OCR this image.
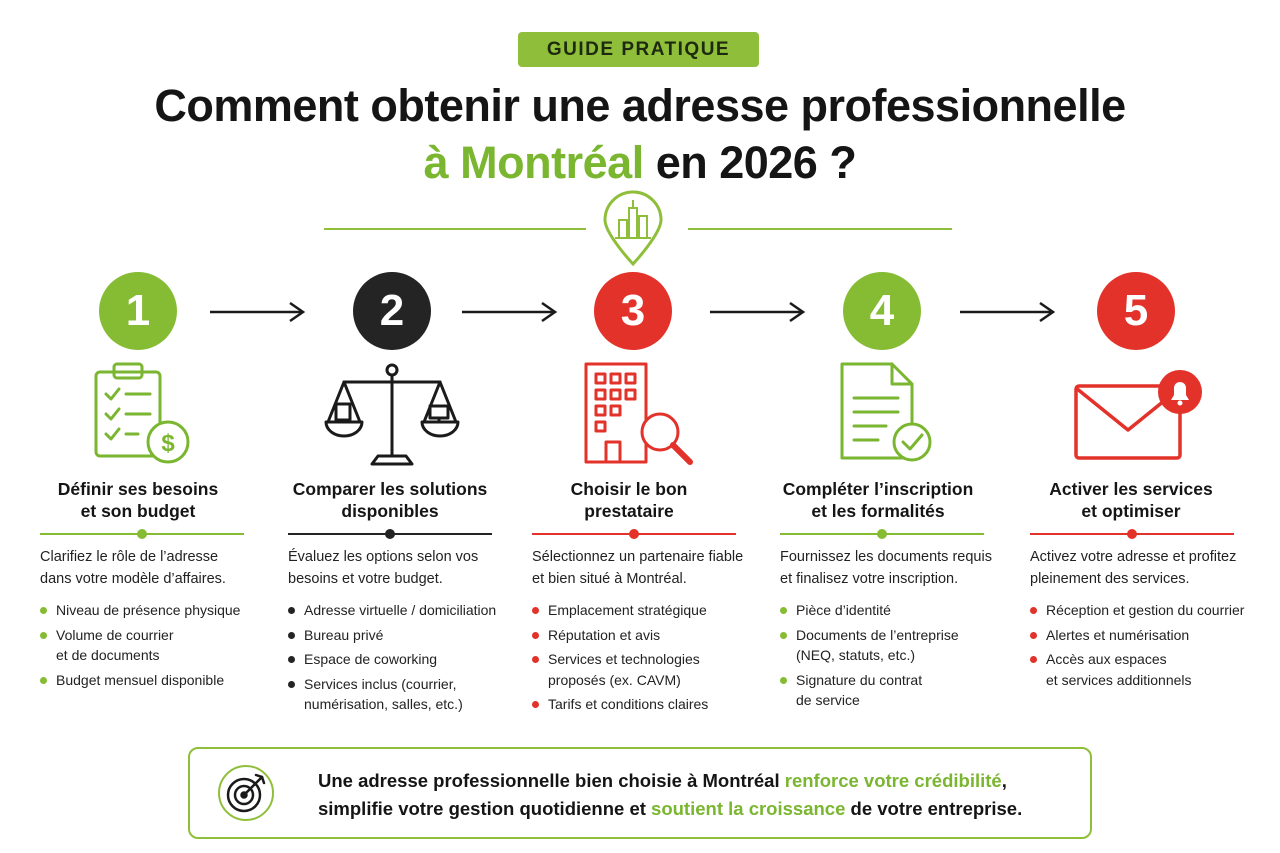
GUIDE PRATIQUE
Comment obtenir une adresse professionnelle
à Montréal en 2026 ?
1	2	3	4	5
$
Définir ses besoins
et son budget
Comparer les solutions
disponibles
Choisir le bon
prestataire
Compléter l’inscription
et les formalités
Activer les services
et optimiser
Clarifiez le rôle de l’adresse dans votre modèle d’affaires.
Évaluez les options selon vos besoins et votre budget.
Sélectionnez un partenaire fiable et bien situé à Montréal.
Fournissez les documents requis et finalisez votre inscription.
Activez votre adresse et profitez pleinement des services.
Niveau de présence physique
Volume de courrier
et de documents
Budget mensuel disponible
Adresse virtuelle / domiciliation
Bureau privé
Espace de coworking
Services inclus (courrier,
numérisation, salles, etc.)
Emplacement stratégique
Réputation et avis
Services et technologies
proposés (ex. CAVM)
Tarifs et conditions claires
Pièce d’identité
Documents de l’entreprise
(NEQ, statuts, etc.)
Signature du contrat
de service
Réception et gestion du courrier
Alertes et numérisation
Accès aux espaces
et services additionnels
Une adresse professionnelle bien choisie à Montréal renforce votre crédibilité, simplifie votre gestion quotidienne et soutient la croissance de votre entreprise.
